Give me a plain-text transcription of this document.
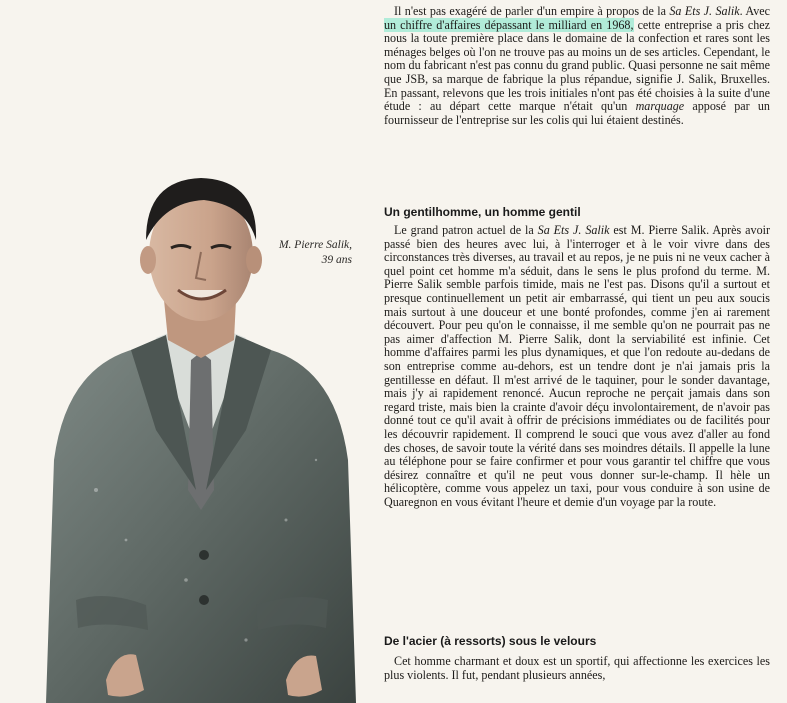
M. Pierre Salik,
39 ans

Il n'est pas exagéré de parler d'un empire à propos de la Sa Ets J. Salik. Avec un chiffre d'affaires dépassant le milliard en 1968, cette entreprise a pris chez nous la toute première place dans le domaine de la confection et rares sont les ménages belges où l'on ne trouve pas au moins un de ses articles. Cependant, le nom du fabricant n'est pas connu du grand public. Quasi personne ne sait même que JSB, sa marque de fabrique la plus répandue, signifie J. Salik, Bruxelles. En passant, relevons que les trois initiales n'ont pas été choisies à la suite d'une étude : au départ cette marque n'était qu'un marquage apposé par un fournisseur de l'entreprise sur les colis qui lui étaient destinés.

Un gentilhomme, un homme gentil

Le grand patron actuel de la Sa Ets J. Salik est M. Pierre Salik. Après avoir passé bien des heures avec lui, à l'interroger et à le voir vivre dans des circonstances très diverses, au travail et au repos, je ne puis ni ne veux cacher à quel point cet homme m'a séduit, dans le sens le plus profond du terme. M. Pierre Salik semble parfois timide, mais ne l'est pas. Disons qu'il a surtout et presque continuellement un petit air embarrassé, qui tient un peu aux soucis mais surtout à une douceur et une bonté profondes, comme j'en ai rarement découvert. Pour peu qu'on le connaisse, il me semble qu'on ne pourrait pas ne pas aimer d'affection M. Pierre Salik, dont la serviabilité est infinie. Cet homme d'affaires parmi les plus dynamiques, et que l'on redoute au-dedans de son entreprise comme au-dehors, est un tendre dont je n'ai jamais pris la gentillesse en défaut. Il m'est arrivé de le taquiner, pour le sonder davantage, mais j'y ai rapidement renoncé. Aucun reproche ne perçait jamais dans son regard triste, mais bien la crainte d'avoir déçu involontairement, de n'avoir pas donné tout ce qu'il avait à offrir de précisions immédiates ou de facilités pour les découvrir rapidement. Il comprend le souci que vous avez d'aller au fond des choses, de savoir toute la vérité dans ses moindres détails. Il appelle la lune au téléphone pour se faire confirmer et pour vous garantir tel chiffre que vous désirez connaître et qu'il ne peut vous donner sur-le-champ. Il hèle un hélicoptère, comme vous appelez un taxi, pour vous conduire à son usine de Quaregnon en vous évitant l'heure et demie d'un voyage par la route.

De l'acier (à ressorts) sous le velours

Cet homme charmant et doux est un sportif, qui affectionne les exercices les plus violents. Il fut, pendant plusieurs années,
